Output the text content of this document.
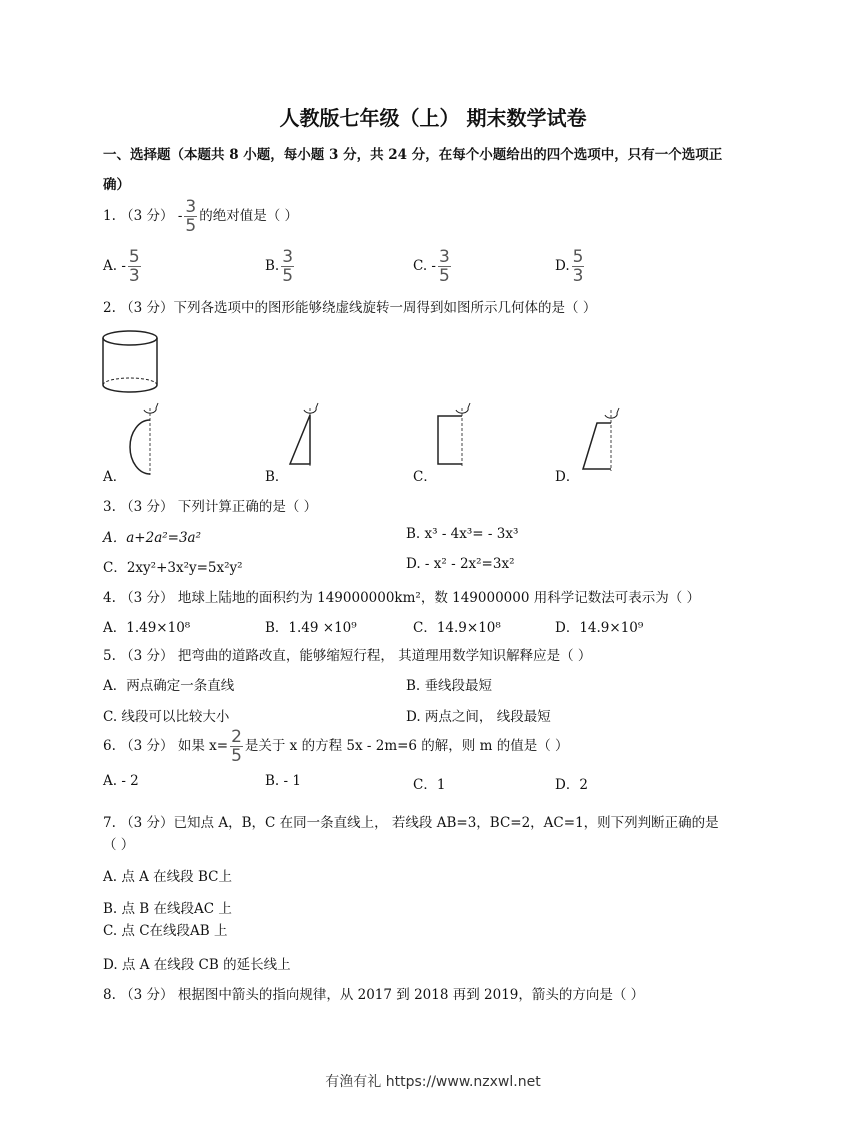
人教版七年级（上） 期末数学试卷
一、选择题（本题共 8 小题，每小题 3 分，共 24 分，在每个小题给出的四个选项中，只有一个选项正
确）
1. （3 分） - $\frac{3}{5}$ 的绝对值是（ ）
A. - $\frac{5}{3}$	B. $\frac{3}{5}$	C. - $\frac{3}{5}$	D. $\frac{5}{3}$
2. （3 分）下列各选项中的图形能够绕虚线旋转一周得到如图所示几何体的是（ ）
A．	B．	C．	D．
3. （3 分） 下列计算正确的是（ ）
A．a+2a²=3a²	B. x³ - 4x³= - 3x³
C．2xy²+3x²y=5x²y²	D. - x² - 2x²=3x²
4. （3 分） 地球上陆地的面积约为 149000000km²，数 149000000 用科学记数法可表示为（ ）
A．1.49×10⁸	B．1.49 ×10⁹	C．14.9×10⁸	D．14.9×10⁹
5. （3 分） 把弯曲的道路改直，能够缩短行程， 其道理用数学知识解释应是（ ）
A．两点确定一条直线	B. 垂线段最短
C. 线段可以比较大小	D. 两点之间， 线段最短
6. （3 分） 如果 $x= \frac{2}{5}$ 是关于 x 的方程 5x - 2m=6 的解，则 m 的值是（ ）
A. - 2	B. - 1	C．1	D．2
7. （3 分）已知点 A，B，C 在同一条直线上， 若线段 AB=3，BC=2，AC=1，则下列判断正确的是
（ ）
A. 点 A 在线段 BC上
B. 点 B 在线段AC 上
C. 点 C在线段AB 上
D. 点 A 在线段 CB 的延长线上
8. （3 分） 根据图中箭头的指向规律，从 2017 到 2018 再到 2019，箭头的方向是（ ）
有渔有礼 https://www.nzxwl.net
